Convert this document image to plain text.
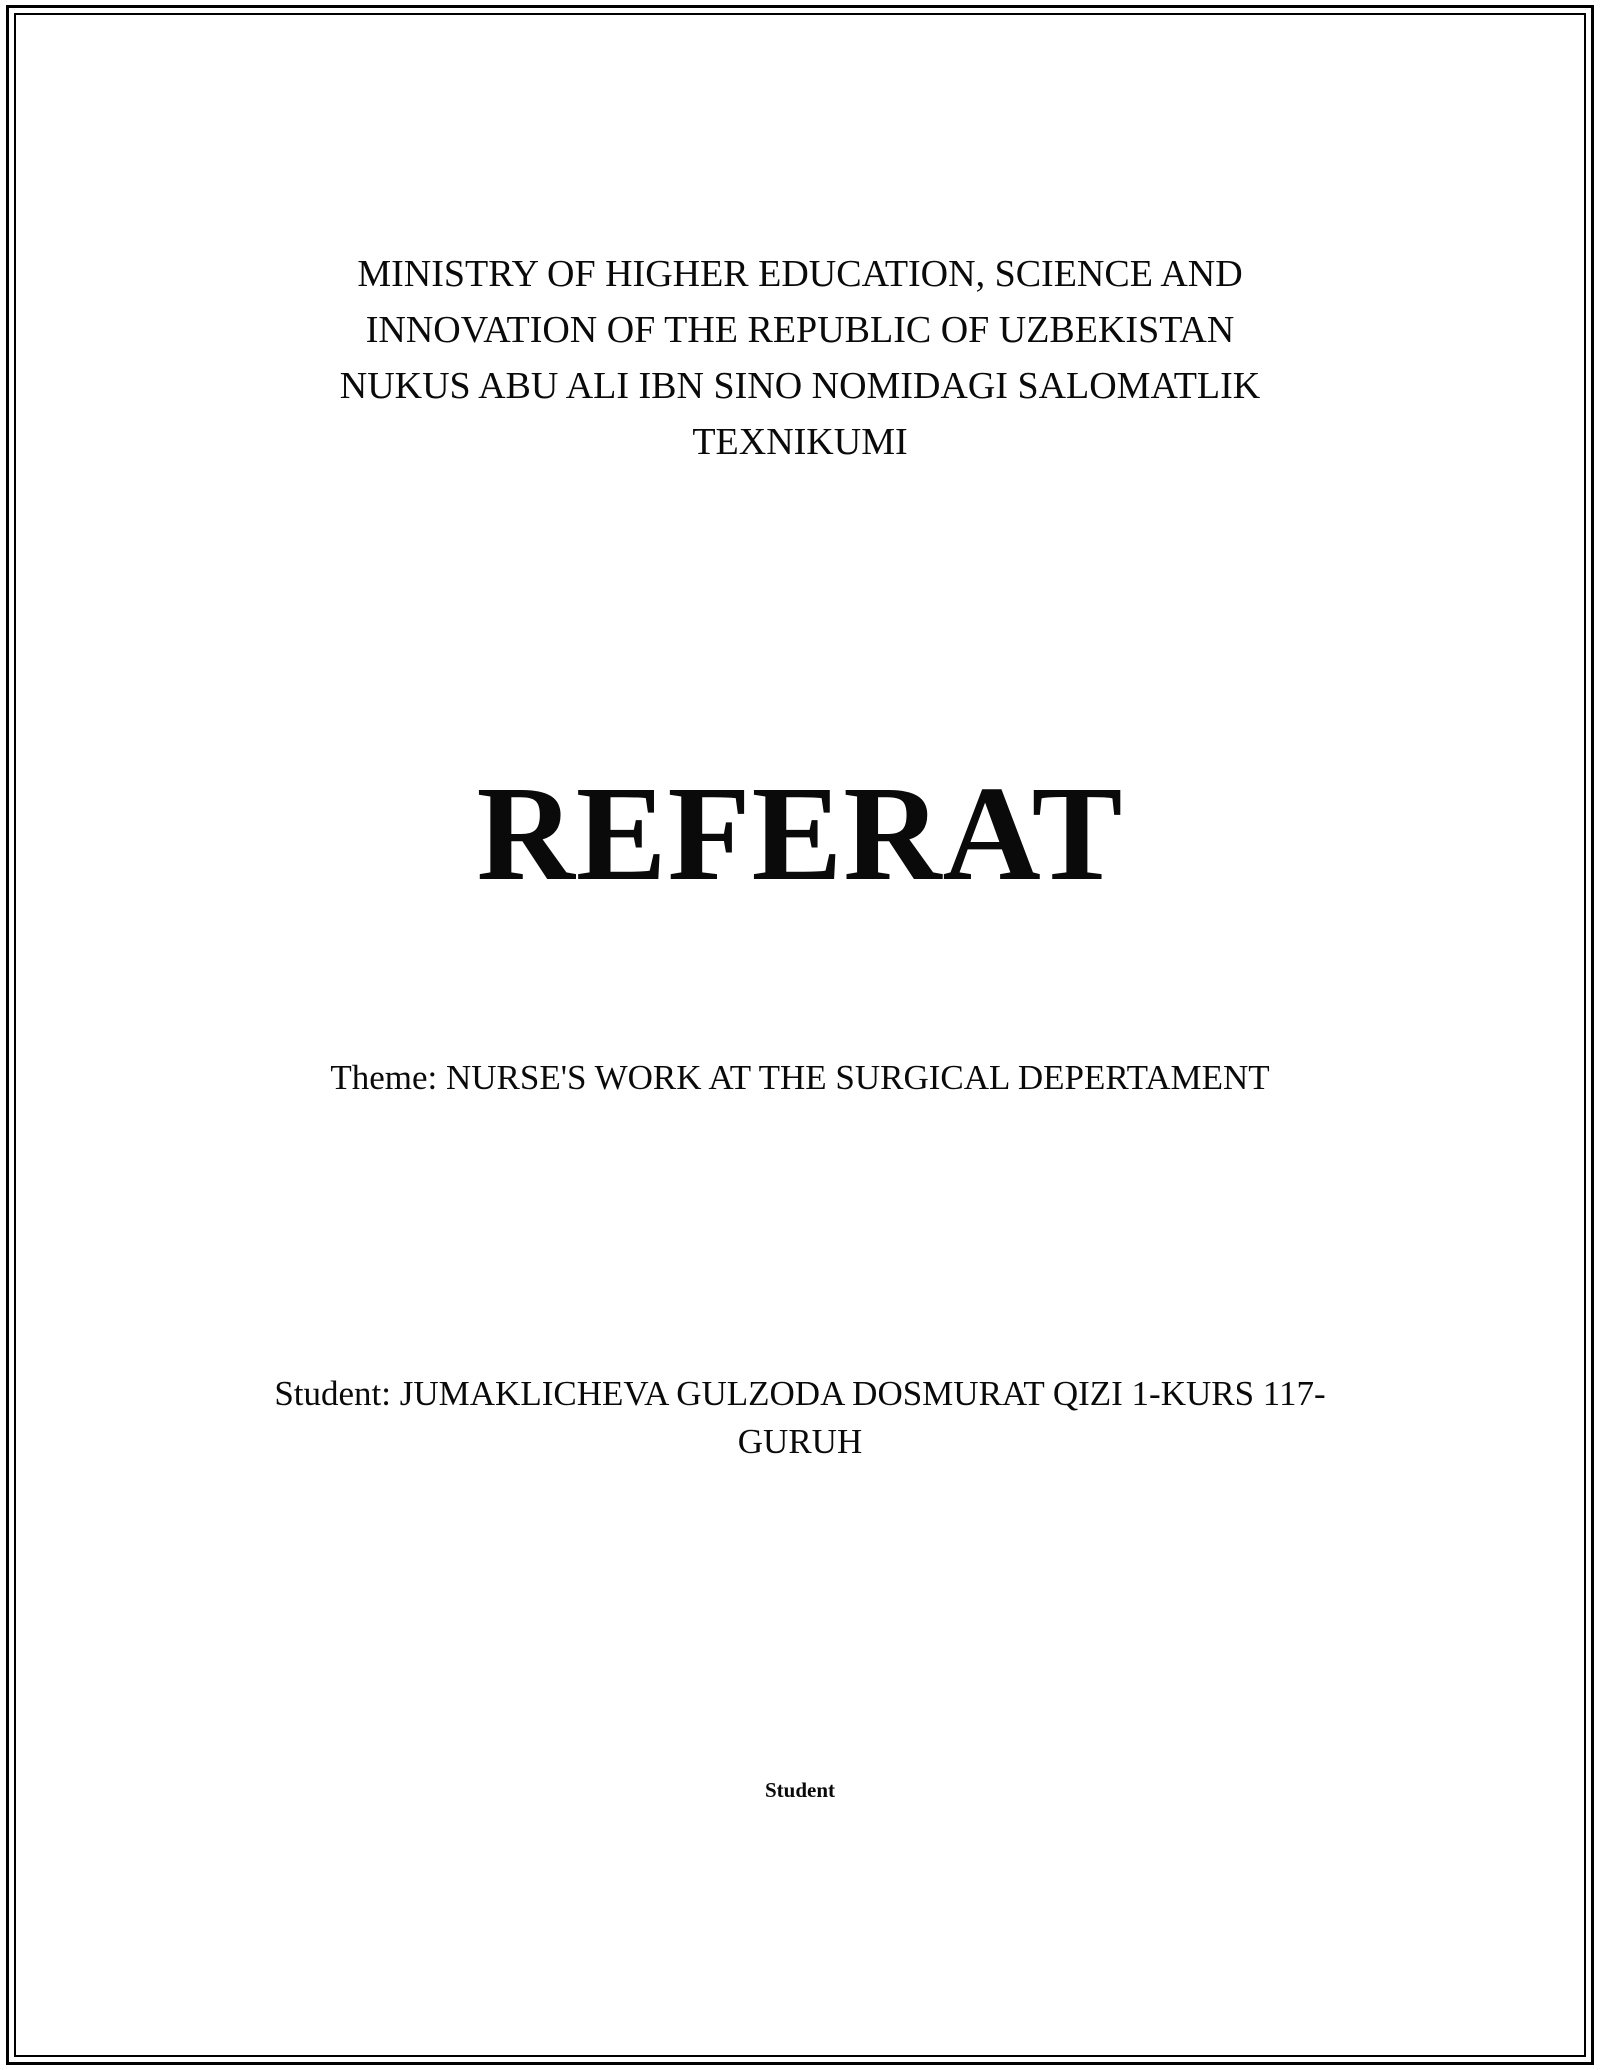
MINISTRY OF HIGHER EDUCATION, SCIENCE AND
INNOVATION OF THE REPUBLIC OF UZBEKISTAN
NUKUS ABU ALI IBN SINO NOMIDAGI SALOMATLIK
TEXNIKUMI
REFERAT
Theme: NURSE'S WORK AT THE SURGICAL DEPERTAMENT
Student: JUMAKLICHEVA GULZODA DOSMURAT QIZI 1-KURS 117-
GURUH
Student
